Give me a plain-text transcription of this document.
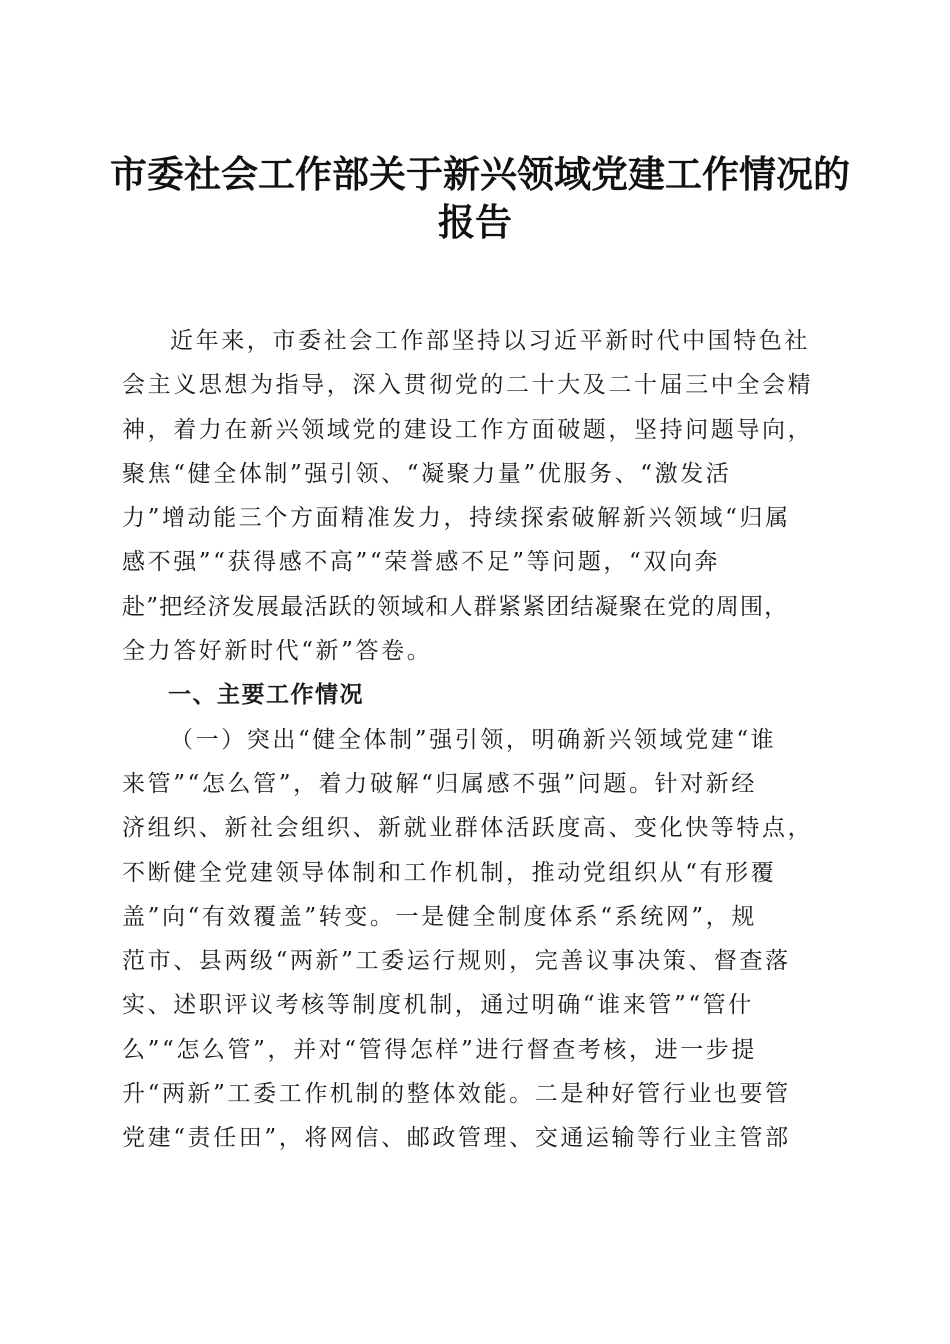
市委社会工作部关于新兴领域党建工作情况的
报告
近年来，市委社会工作部坚持以习近平新时代中国特色社
会主义思想为指导，深入贯彻党的二十大及二十届三中全会精
神，着力在新兴领域党的建设工作方面破题，坚持问题导向，
聚焦“健全体制”强引领、“凝聚力量”优服务、“激发活
力”增动能三个方面精准发力，持续探索破解新兴领域“归属
感不强”“获得感不高”“荣誉感不足”等问题，“双向奔
赴”把经济发展最活跃的领域和人群紧紧团结凝聚在党的周围，
全力答好新时代“新”答卷。
一、主要工作情况
（一）突出“健全体制”强引领，明确新兴领域党建“谁
来管”“怎么管”，着力破解“归属感不强”问题。针对新经
济组织、新社会组织、新就业群体活跃度高、变化快等特点，
不断健全党建领导体制和工作机制，推动党组织从“有形覆
盖”向“有效覆盖”转变。一是健全制度体系“系统网”，规
范市、县两级“两新”工委运行规则，完善议事决策、督查落
实、述职评议考核等制度机制，通过明确“谁来管”“管什
么”“怎么管”，并对“管得怎样”进行督查考核，进一步提
升“两新”工委工作机制的整体效能。二是种好管行业也要管
党建“责任田”，将网信、邮政管理、交通运输等行业主管部
